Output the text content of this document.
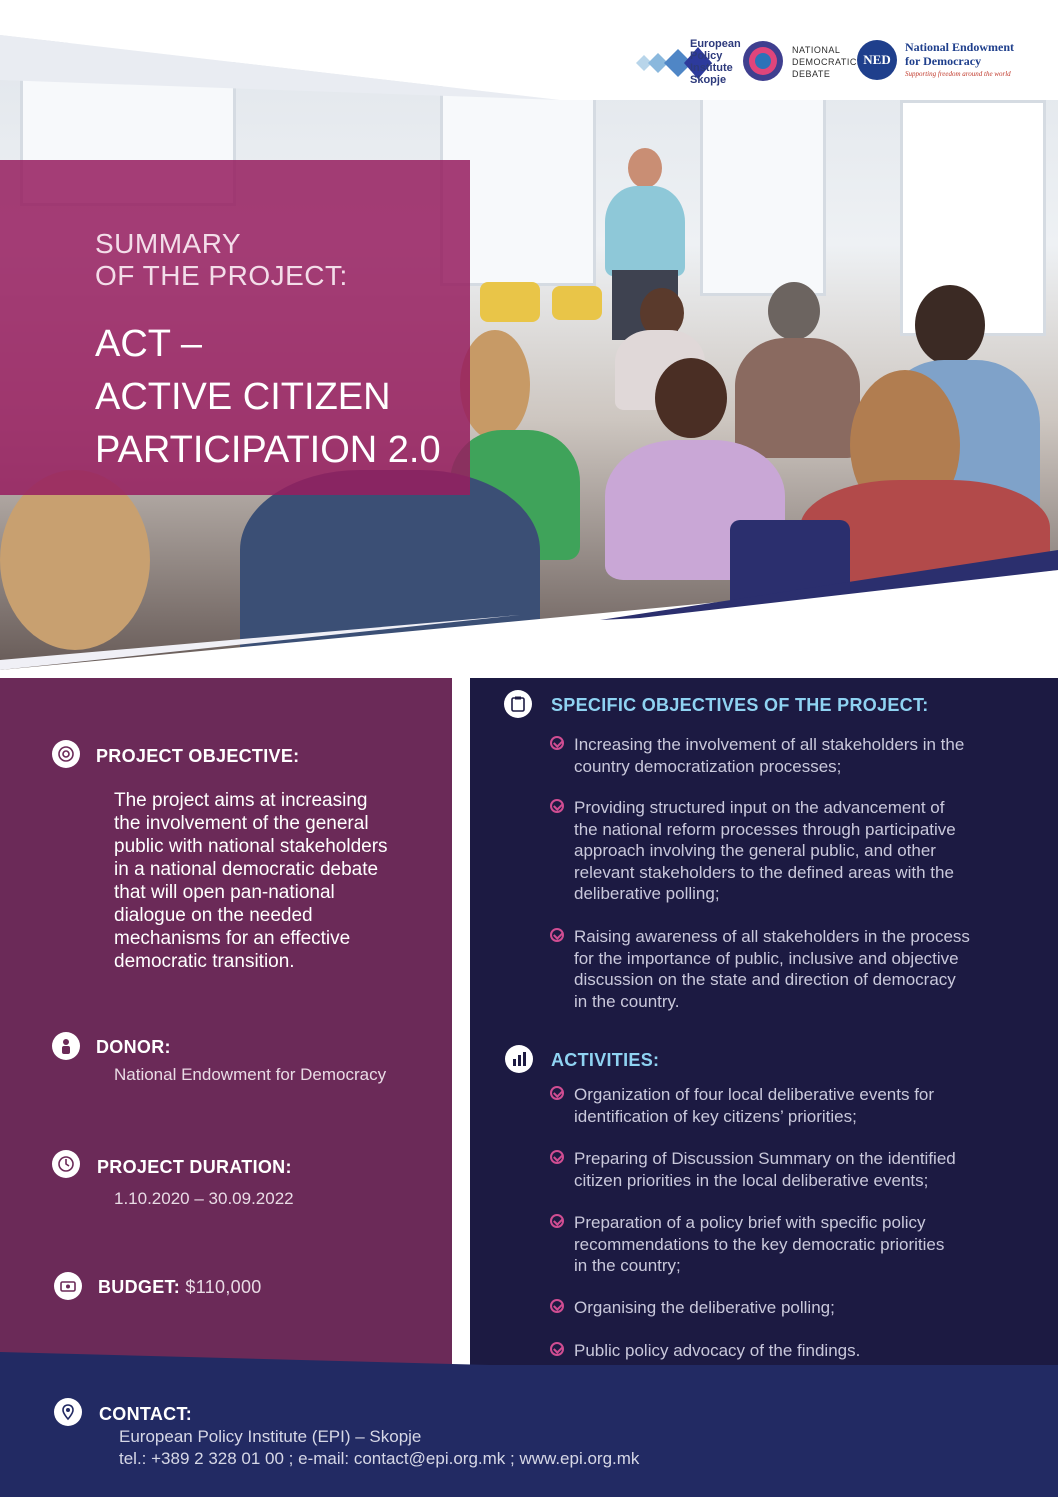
European
Policy
Institute
Skopje
NATIONAL
DEMOCRATIC
DEBATE
NED
National Endowment
for Democracy
Supporting freedom around the world
SUMMARY
OF THE PROJECT:
ACT –
ACTIVE CITIZEN
PARTICIPATION 2.0
PROJECT OBJECTIVE:
The project aims at increasing
the involvement of the general
public with national stakeholders
in a national democratic debate
that will open pan-national
dialogue on the needed
mechanisms for an effective
democratic transition.
DONOR:
National Endowment for Democracy
PROJECT DURATION:
1.10.2020 – 30.09.2022
BUDGET: $110,000
SPECIFIC OBJECTIVES OF THE PROJECT:
Increasing the involvement of all stakeholders in the
country democratization processes;
Providing structured input on the advancement of
the national reform processes through participative
approach involving the general public, and other
relevant stakeholders to the defined areas with the
deliberative polling;
Raising awareness of all stakeholders in the process
for the importance of public, inclusive and objective
discussion on the state and direction of democracy
in the country.
ACTIVITIES:
Organization of four local deliberative events for
identification of key citizens’ priorities;
Preparing of Discussion Summary on the identified
citizen priorities in the local deliberative events;
Preparation of a policy brief with specific policy
recommendations to the key democratic priorities
in the country;
Organising the deliberative polling;
Public policy advocacy of the findings.
CONTACT:
European Policy Institute (EPI) – Skopje
tel.: +389 2 328 01 00 ; e-mail: contact@epi.org.mk ; www.epi.org.mk
